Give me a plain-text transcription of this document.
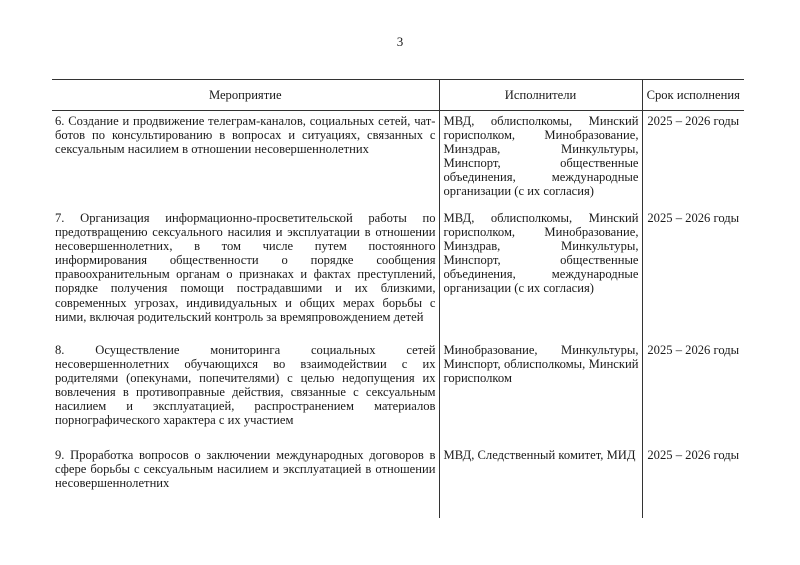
3
Мероприятие	Исполнители	Срок исполнения
6. Создание и продвижение телеграм-каналов, социальных сетей, чат-ботов по консультированию в вопросах и ситуациях, связанных с сексуальным насилием в отношении несовершеннолетних	МВД, облисполкомы, Минский горисполком, Минобразование, Минздрав, Минкультуры, Минспорт, общественные объединения, международные организации (с их согласия)	2025 – 2026 годы
7. Организация информационно-просветительской работы по предотвращению сексуального насилия и эксплуатации в отношении несовершеннолетних, в том числе путем постоянного информирования общественности о порядке сообщения правоохранительным органам о признаках и фактах преступлений, порядке получения помощи пострадавшими и их близкими, современных угрозах, индивидуальных и общих мерах борьбы с ними, включая родительский контроль за времяпровождением детей	МВД, облисполкомы, Минский горисполком, Минобразование, Минздрав, Минкультуры, Минспорт, общественные объединения, международные организации (с их согласия)	2025 – 2026 годы
8. Осуществление мониторинга социальных сетей несовершеннолетних обучающихся во взаимодействии с их родителями (опекунами, попечителями) с целью недопущения их вовлечения в противоправные действия, связанные с сексуальным насилием и эксплуатацией, распространением материалов порнографического характера с их участием	Минобразование, Минкультуры, Минспорт, облисполкомы, Минский горисполком	2025 – 2026 годы
9. Проработка вопросов о заключении международных договоров в сфере борьбы с сексуальным насилием и эксплуатацией в отношении несовершеннолетних	МВД, Следственный комитет, МИД	2025 – 2026 годы
